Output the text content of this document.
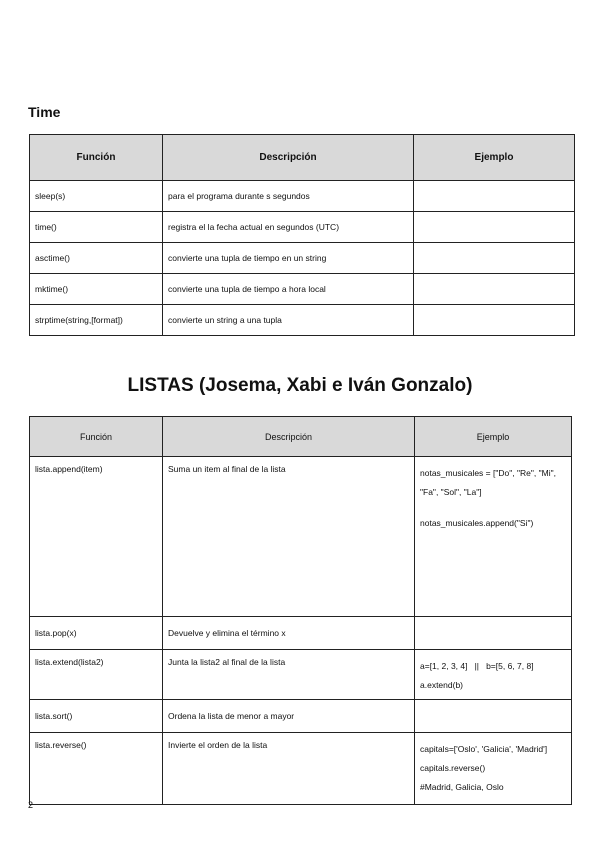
Time
Función	Descripción	Ejemplo
sleep(s)	para el programa durante s segundos	
time()	registra el la fecha actual en segundos (UTC)	
asctime()	convierte una tupla de tiempo en un string	
mktime()	convierte una tupla de tiempo a hora local	
strptime(string,[format])	convierte un string a una tupla	
LISTAS (Josema, Xabi e Iván Gonzalo)
Función	Descripción	Ejemplo
lista.append(item)	Suma un item al final de la lista	notas_musicales = ["Do", "Re", "Mi",
"Fa", "Sol", "La"]
notas_musicales.append("Si")

lista.pop(x)	Devuelve y elimina el término x	
lista.extend(lista2)	Junta la lista2 al final de la lista	a=[1, 2, 3, 4]   ||   b=[5, 6, 7, 8]
a.extend(b)

lista.sort()	Ordena la lista de menor a mayor	
lista.reverse()	Invierte el orden de la lista	capitals=['Oslo', 'Galicia', 'Madrid']
capitals.reverse()
#Madrid, Galicia, Oslo
2
